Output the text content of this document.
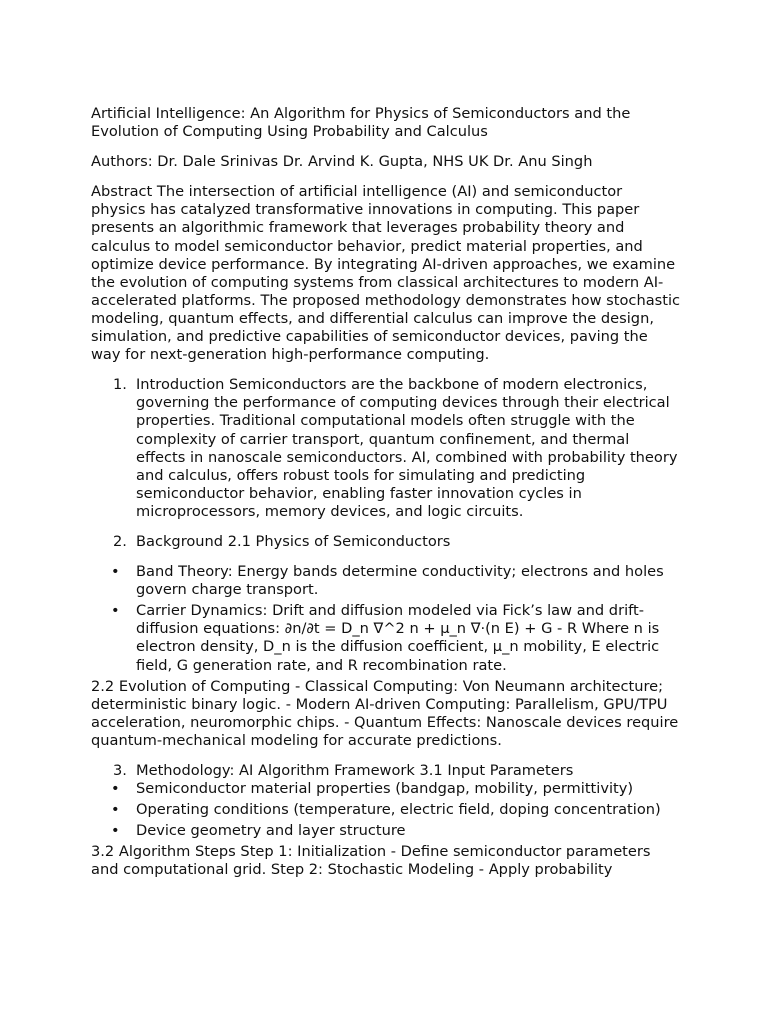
Artificial Intelligence: An Algorithm for Physics of Semiconductors and the Evolution of Computing Using Probability and Calculus

Authors: Dr. Dale Srinivas Dr. Arvind K. Gupta, NHS UK Dr. Anu Singh

Abstract The intersection of artificial intelligence (AI) and semiconductor physics has catalyzed transformative innovations in computing. This paper presents an algorithmic framework that leverages probability theory and calculus to model semiconductor behavior, predict material properties, and optimize device performance. By integrating AI-driven approaches, we examine the evolution of computing systems from classical architectures to modern AI-accelerated platforms. The proposed methodology demonstrates how stochastic modeling, quantum effects, and differential calculus can improve the design, simulation, and predictive capabilities of semiconductor devices, paving the way for next-generation high-performance computing.

1. Introduction Semiconductors are the backbone of modern electronics, governing the performance of computing devices through their electrical properties. Traditional computational models often struggle with the complexity of carrier transport, quantum confinement, and thermal effects in nanoscale semiconductors. AI, combined with probability theory and calculus, offers robust tools for simulating and predicting semiconductor behavior, enabling faster innovation cycles in microprocessors, memory devices, and logic circuits.

2. Background 2.1 Physics of Semiconductors

• Band Theory: Energy bands determine conductivity; electrons and holes govern charge transport.
• Carrier Dynamics: Drift and diffusion modeled via Fick’s law and drift-diffusion equations: ∂n/∂t = D_n ∇^2 n + μ_n ∇·(n E) + G - R Where n is electron density, D_n is the diffusion coefficient, μ_n mobility, E electric field, G generation rate, and R recombination rate.

2.2 Evolution of Computing - Classical Computing: Von Neumann architecture; deterministic binary logic. - Modern AI-driven Computing: Parallelism, GPU/TPU acceleration, neuromorphic chips. - Quantum Effects: Nanoscale devices require quantum-mechanical modeling for accurate predictions.

3. Methodology: AI Algorithm Framework 3.1 Input Parameters

• Semiconductor material properties (bandgap, mobility, permittivity)
• Operating conditions (temperature, electric field, doping concentration)
• Device geometry and layer structure

3.2 Algorithm Steps Step 1: Initialization - Define semiconductor parameters and computational grid. Step 2: Stochastic Modeling - Apply probability
